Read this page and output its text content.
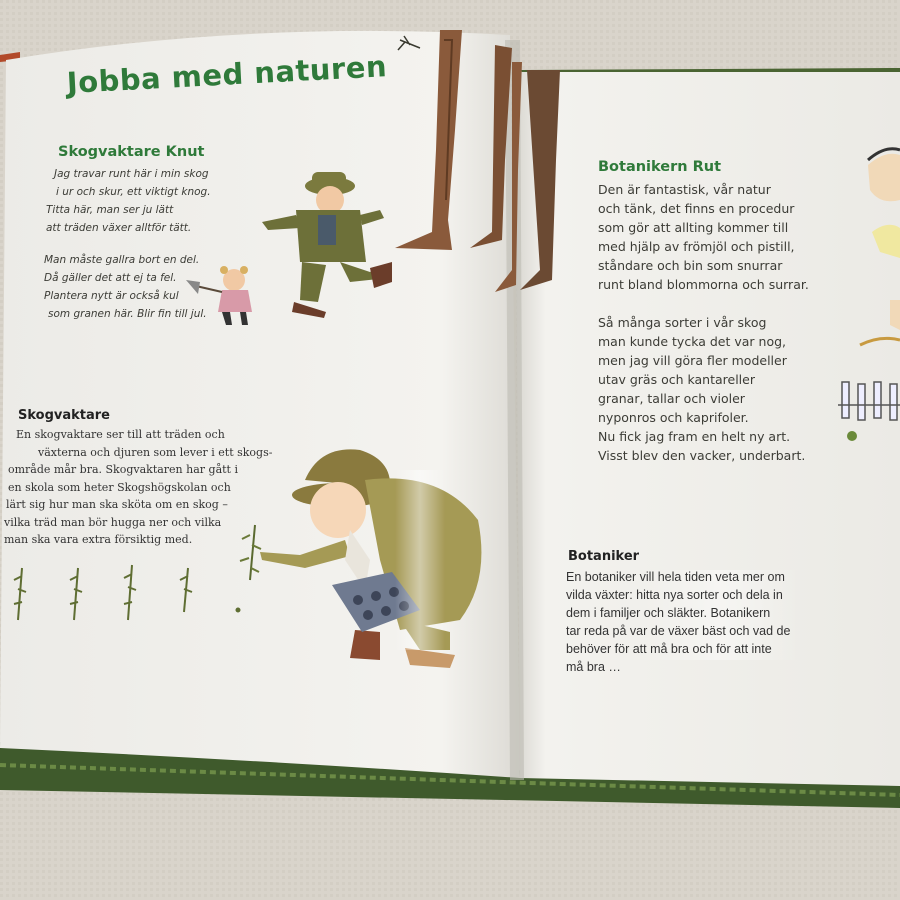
Jobba med naturen
Skogvaktare Knut
Jag travar runt här i min skog
i ur och skur, ett viktigt knog.
Titta här, man ser ju lätt
att träden växer alltför tätt.

Man måste gallra bort en del.
Då gäller det att ej ta fel.
Plantera nytt är också kul
som granen här. Blir fin till jul.
Skogvaktare
En skogvaktare ser till att träden och
växterna och djuren som lever i ett skogs-
område mår bra. Skogvaktaren har gått i
en skola som heter Skogshögskolan och
lärt sig hur man ska sköta om en skog –
vilka träd man bör hugga ner och vilka
man ska vara extra försiktig med.
Botanikern Rut
Den är fantastisk, vår natur
och tänk, det finns en procedur
som gör att allting kommer till
med hjälp av frömjöl och pistill,
ståndare och bin som snurrar
runt bland blommorna och surrar.

Så många sorter i vår skog
man kunde tycka det var nog,
men jag vill göra fler modeller
utav gräs och kantareller
granar, tallar och violer
nyponros och kaprifoler.
Nu fick jag fram en helt ny art.
Visst blev den vacker, underbart.
Botaniker
En botaniker vill hela tiden veta mer om
vilda växter: hitta nya sorter och dela in
dem i familjer och släkter. Botanikern
tar reda på var de växer bäst och vad de
behöver för att må bra och för att inte
må bra …
